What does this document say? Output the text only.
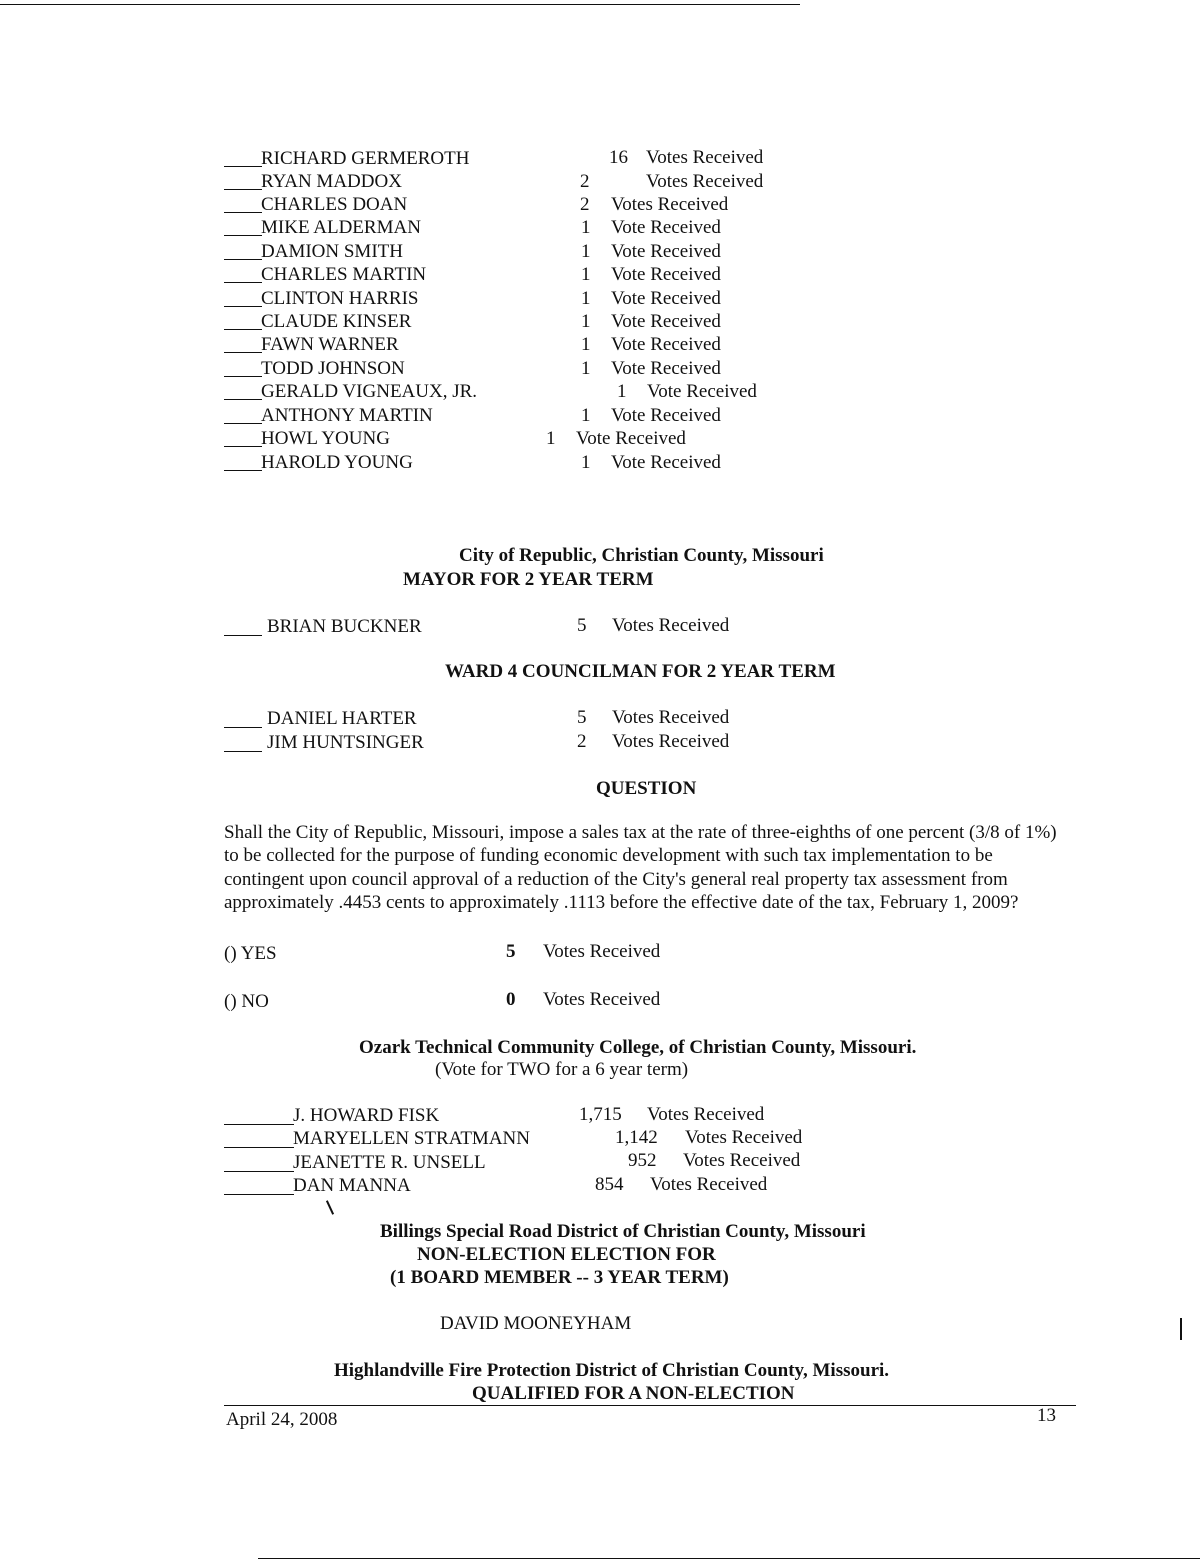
RICHARD GERMEROTH	16 Votes Received
RYAN MADDOX	2	Votes Received
CHARLES DOAN	2 Votes Received
MIKE ALDERMAN	1 Vote Received
DAMION SMITH	1 Vote Received
CHARLES MARTIN	1 Vote Received
CLINTON HARRIS	1 Vote Received
CLAUDE KINSER	1 Vote Received
FAWN WARNER	1 Vote Received
TODD JOHNSON	1 Vote Received
GERALD VIGNEAUX, JR.	1 Vote Received
ANTHONY MARTIN	1 Vote Received
HOWL YOUNG	1 Vote Received
HAROLD YOUNG	1 Vote Received
City of Republic, Christian County, Missouri
MAYOR FOR 2 YEAR TERM
BRIAN BUCKNER	5 Votes Received
WARD 4 COUNCILMAN FOR 2 YEAR TERM
DANIEL HARTER	5 Votes Received
JIM HUNTSINGER	2 Votes Received
QUESTION
Shall the City of Republic, Missouri, impose a sales tax at the rate of three-eighths of one percent (3/8 of 1%) to be collected for the purpose of funding economic development with such tax implementation to be contingent upon council approval of a reduction of the City's general real property tax assessment from approximately .4453 cents to approximately .1113 before the effective date of the tax, February 1, 2009?
() YES	5 Votes Received
() NO	0 Votes Received
Ozark Technical Community College, of Christian County, Missouri.
(Vote for TWO for a 6 year term)
J. HOWARD FISK	1,715 Votes Received
MARYELLEN STRATMANN	1,142 Votes Received
JEANETTE R. UNSELL	952 Votes Received
DAN MANNA	854 Votes Received
Billings Special Road District of Christian County, Missouri
NON-ELECTION ELECTION FOR
(1 BOARD MEMBER -- 3 YEAR TERM)
DAVID MOONEYHAM
Highlandville Fire Protection District of Christian County, Missouri.
QUALIFIED FOR A NON-ELECTION
April 24, 2008	13
